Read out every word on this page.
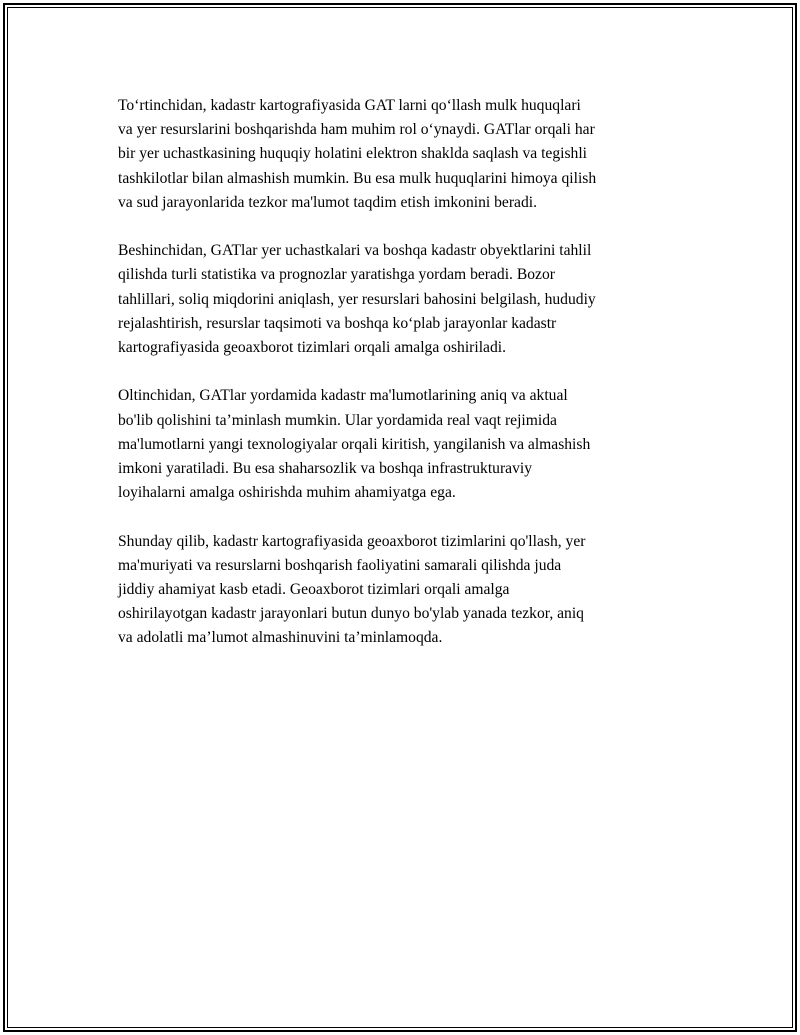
To‘rtinchidan, kadastr kartografiyasida GAT larni qo‘llash mulk huquqlari
va yer resurslarini boshqarishda ham muhim rol o‘ynaydi. GATlar orqali har
bir yer uchastkasining huquqiy holatini elektron shaklda saqlash va tegishli
tashkilotlar bilan almashish mumkin. Bu esa mulk huquqlarini himoya qilish
va sud jarayonlarida tezkor ma'lumot taqdim etish imkonini beradi.

Beshinchidan, GATlar yer uchastkalari va boshqa kadastr obyektlarini tahlil
qilishda turli statistika va prognozlar yaratishga yordam beradi. Bozor
tahlillari, soliq miqdorini aniqlash, yer resurslari bahosini belgilash, hududiy
rejalashtirish, resurslar taqsimoti va boshqa ko‘plab jarayonlar kadastr
kartografiyasida geoaxborot tizimlari orqali amalga oshiriladi.

Oltinchidan, GATlar yordamida kadastr ma'lumotlarining aniq va aktual
bo'lib qolishini ta’minlash mumkin. Ular yordamida real vaqt rejimida
ma'lumotlarni yangi texnologiyalar orqali kiritish, yangilanish va almashish
imkoni yaratiladi. Bu esa shaharsozlik va boshqa infrastrukturaviy
loyihalarni amalga oshirishda muhim ahamiyatga ega.

Shunday qilib, kadastr kartografiyasida geoaxborot tizimlarini qo'llash, yer
ma'muriyati va resurslarni boshqarish faoliyatini samarali qilishda juda
jiddiy ahamiyat kasb etadi. Geoaxborot tizimlari orqali amalga
oshirilayotgan kadastr jarayonlari butun dunyo bo'ylab yanada tezkor, aniq
va adolatli ma’lumot almashinuvini ta’minlamoqda.
